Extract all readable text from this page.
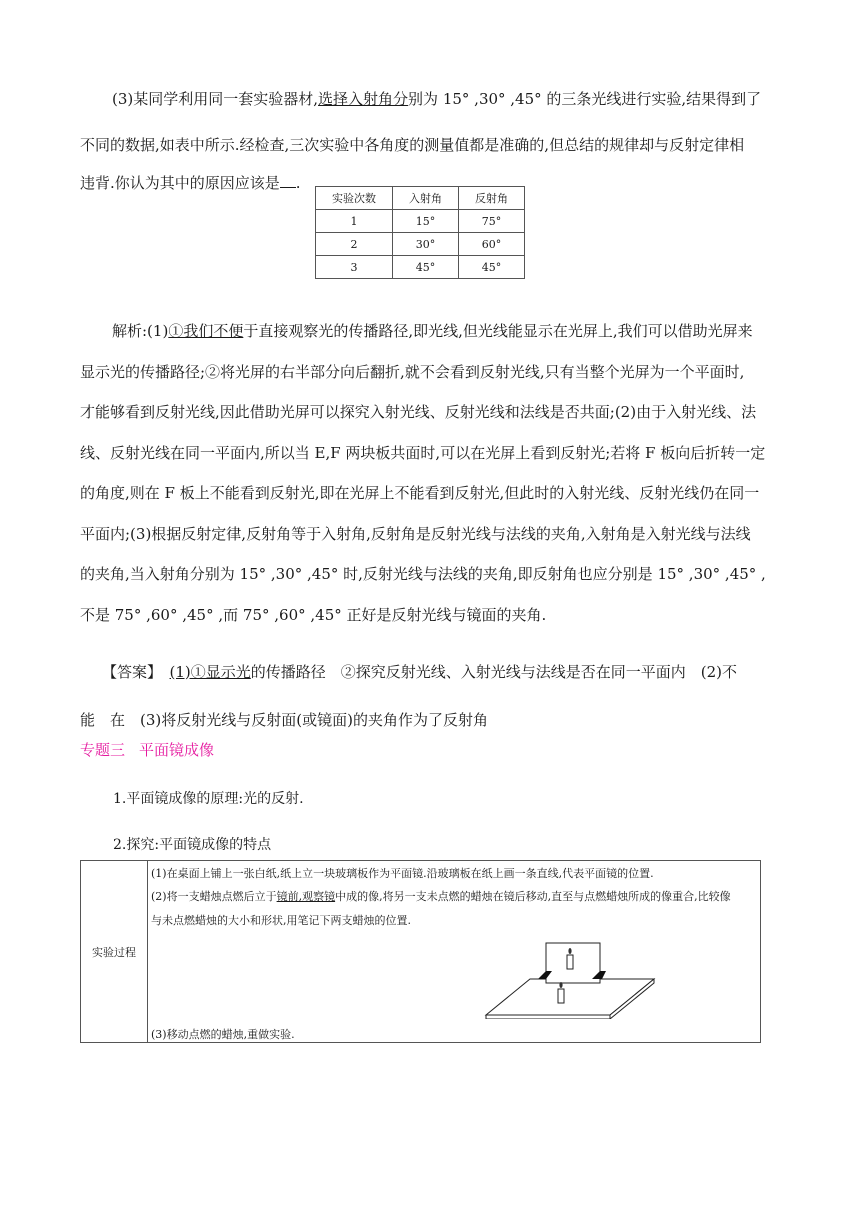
(3)某同学利用同一套实验器材,选择入射角分别为 15° ,30° ,45° 的三条光线进行实验,结果得到了
不同的数据,如表中所示.经检查,三次实验中各角度的测量值都是准确的,但总结的规律却与反射定律相
违背.你认为其中的原因应该是 .
实验次数	入射角	反射角
1	15°	75°
2	30°	60°
3	45°	45°
解析:(1)①我们不便于直接观察光的传播路径,即光线,但光线能显示在光屏上,我们可以借助光屏来
显示光的传播路径;②将光屏的右半部分向后翻折,就不会看到反射光线,只有当整个光屏为一个平面时,
才能够看到反射光线,因此借助光屏可以探究入射光线、反射光线和法线是否共面;(2)由于入射光线、法
线、反射光线在同一平面内,所以当 E,F 两块板共面时,可以在光屏上看到反射光;若将 F 板向后折转一定
的角度,则在 F 板上不能看到反射光,即在光屏上不能看到反射光,但此时的入射光线、反射光线仍在同一
平面内;(3)根据反射定律,反射角等于入射角,反射角是反射光线与法线的夹角,入射角是入射光线与法线
的夹角,当入射角分别为 15° ,30° ,45° 时,反射光线与法线的夹角,即反射角也应分别是 15° ,30° ,45° ,
不是 75° ,60° ,45° ,而 75° ,60° ,45° 正好是反射光线与镜面的夹角.
【答案】　 (1)①显示光的传播路径　②探究反射光线、入射光线与法线是否在同一平面内　(2)不
能　在　(3)将反射光线与反射面(或镜面)的夹角作为了反射角
专题三 平面镜成像
1.平面镜成像的原理:光的反射.
2.探究:平面镜成像的特点
实验过程
(1)在桌面上铺上一张白纸,纸上立一块玻璃板作为平面镜.沿玻璃板在纸上画一条直线,代表平面镜的位置.
(2)将一支蜡烛点燃后立于镜前,观察镜中成的像,将另一支未点燃的蜡烛在镜后移动,直至与点燃蜡烛所成的像重合,比较像
与未点燃蜡烛的大小和形状,用笔记下两支蜡烛的位置.
(3)移动点燃的蜡烛,重做实验.
